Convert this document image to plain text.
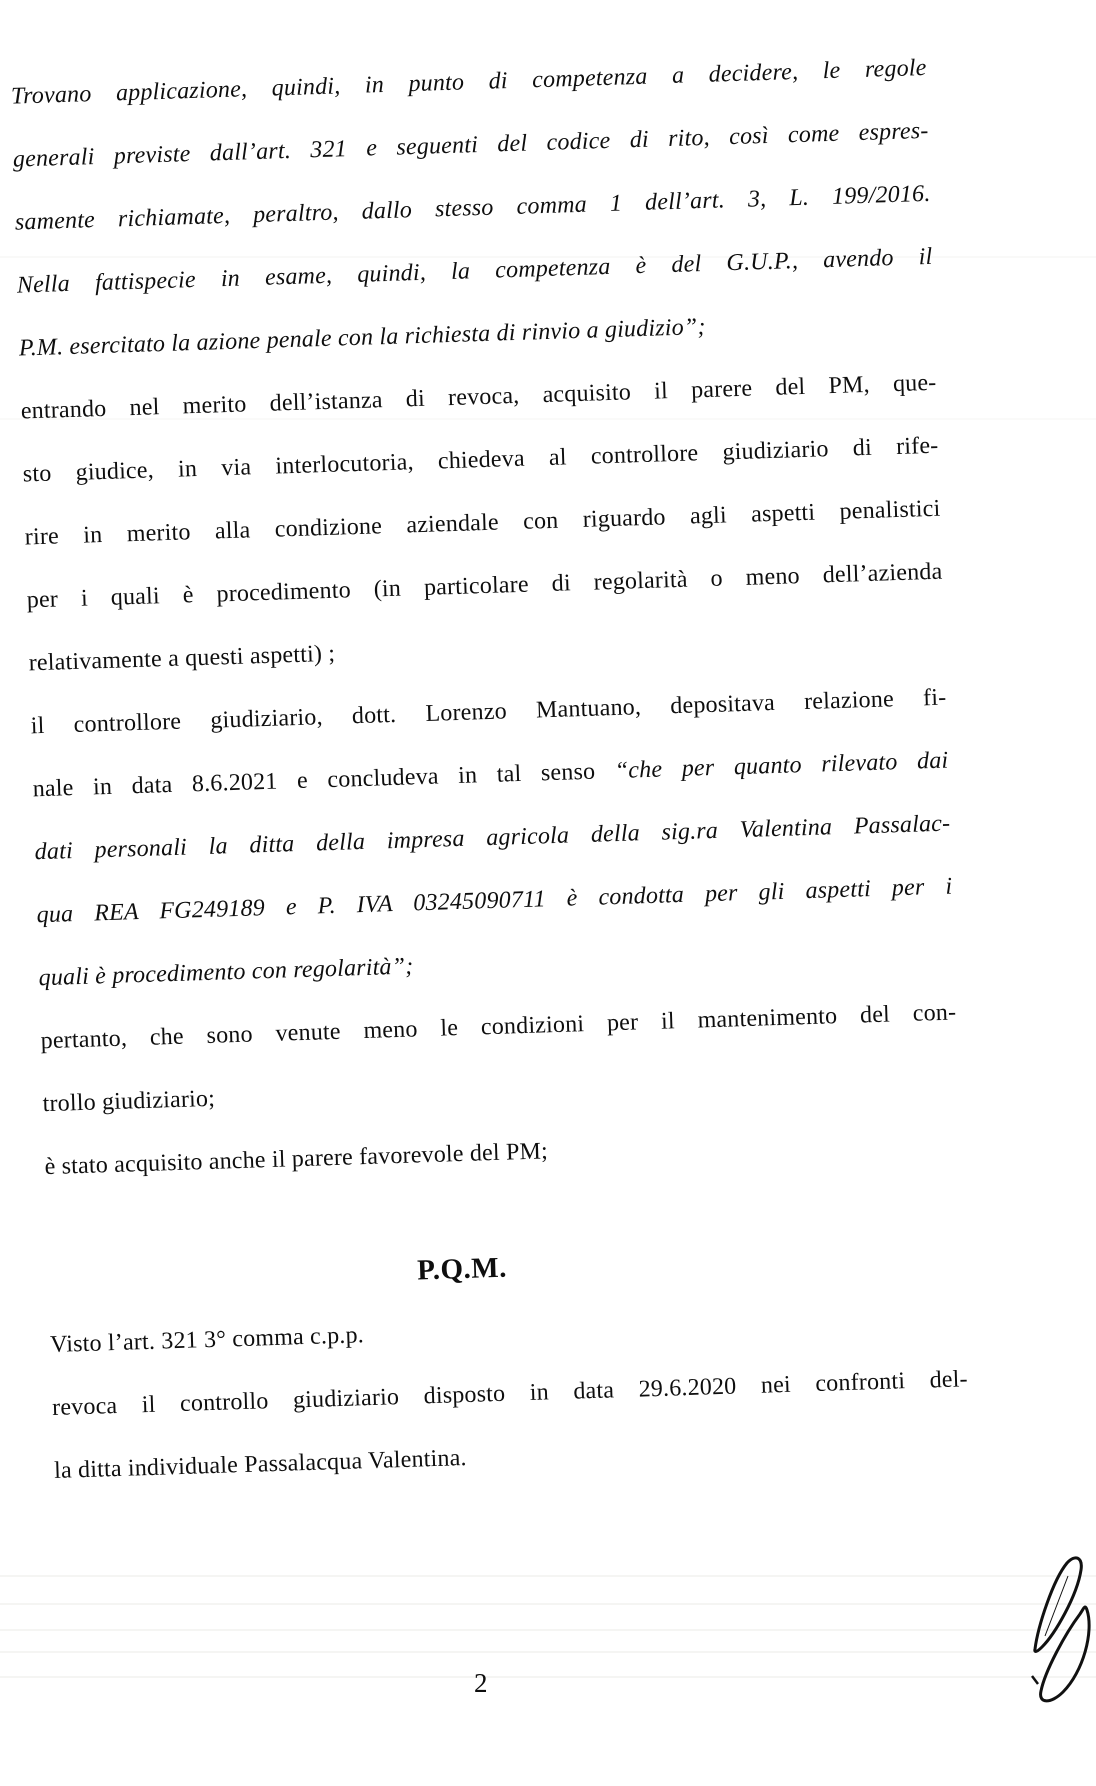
Trovano applicazione, quindi, in punto di competenza a decidere, le regole
generali previste dall’art. 321 e seguenti del codice di rito, così come espres-
samente richiamate, peraltro, dallo stesso comma 1 dell’art. 3, L. 199/2016.
Nella fattispecie in esame, quindi, la competenza è del G.U.P., avendo il
P.M. esercitato la azione penale con la richiesta di rinvio a giudizio”;
entrando nel merito dell’istanza di revoca, acquisito il parere del PM, que-
sto giudice, in via interlocutoria, chiedeva al controllore giudiziario di rife-
rire in merito alla condizione aziendale con riguardo agli aspetti penalistici
per i quali è procedimento (in particolare di regolarità o meno dell’azienda
relativamente a questi aspetti) ;
il controllore giudiziario, dott. Lorenzo Mantuano, depositava relazione fi-
nale in data 8.6.2021 e concludeva in tal senso “che per quanto rilevato dai
dati personali la ditta della impresa agricola della sig.ra Valentina Passalac-
qua REA FG249189 e P. IVA 03245090711 è condotta per gli aspetti per i
quali è procedimento con regolarità”;
pertanto, che sono venute meno le condizioni per il mantenimento del con-
trollo giudiziario;
è stato acquisito anche il parere favorevole del PM;
P.Q.M.
Visto l’art. 321 3° comma c.p.p.
revoca il controllo giudiziario disposto in data 29.6.2020 nei confronti del-
la ditta individuale Passalacqua Valentina.
2
